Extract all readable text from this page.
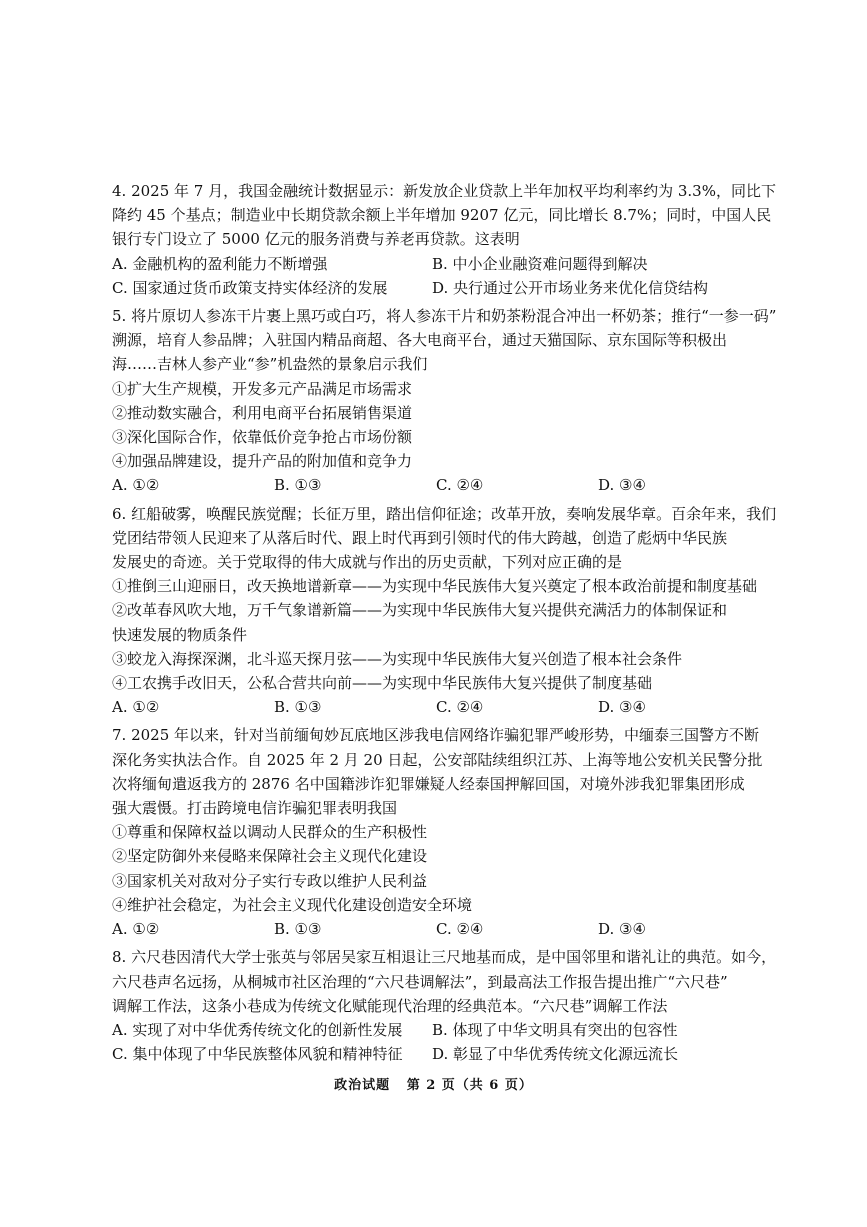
4. 2025 年 7 月，我国金融统计数据显示：新发放企业贷款上半年加权平均利率约为 3.3%，同比下
降约 45 个基点；制造业中长期贷款余额上半年增加 9207 亿元，同比增长 8.7%；同时，中国人民
银行专门设立了 5000 亿元的服务消费与养老再贷款。这表明
A. 金融机构的盈利能力不断增强	B. 中小企业融资难问题得到解决
C. 国家通过货币政策支持实体经济的发展	D. 央行通过公开市场业务来优化信贷结构
5. 将片原切人参冻干片裹上黑巧或白巧，将人参冻干片和奶茶粉混合冲出一杯奶茶；推行“一参一码”
溯源，培育人参品牌；入驻国内精品商超、各大电商平台，通过天猫国际、京东国际等积极出
海……吉林人参产业“参”机盎然的景象启示我们
①扩大生产规模，开发多元产品满足市场需求
②推动数实融合，利用电商平台拓展销售渠道
③深化国际合作，依靠低价竞争抢占市场份额
④加强品牌建设，提升产品的附加值和竞争力
A. ①②	B. ①③	C. ②④	D. ③④
6. 红船破雾，唤醒民族觉醒；长征万里，踏出信仰征途；改革开放，奏响发展华章。百余年来，我们
党团结带领人民迎来了从落后时代、跟上时代再到引领时代的伟大跨越，创造了彪炳中华民族
发展史的奇迹。关于党取得的伟大成就与作出的历史贡献，下列对应正确的是
①推倒三山迎丽日，改天换地谱新章——为实现中华民族伟大复兴奠定了根本政治前提和制度基础
②改革春风吹大地，万千气象谱新篇——为实现中华民族伟大复兴提供充满活力的体制保证和
快速发展的物质条件
③蛟龙入海探深渊，北斗巡天探月弦——为实现中华民族伟大复兴创造了根本社会条件
④工农携手改旧天，公私合营共向前——为实现中华民族伟大复兴提供了制度基础
A. ①②	B. ①③	C. ②④	D. ③④
7. 2025 年以来，针对当前缅甸妙瓦底地区涉我电信网络诈骗犯罪严峻形势，中缅泰三国警方不断
深化务实执法合作。自 2025 年 2 月 20 日起，公安部陆续组织江苏、上海等地公安机关民警分批
次将缅甸遣返我方的 2876 名中国籍涉诈犯罪嫌疑人经泰国押解回国，对境外涉我犯罪集团形成
强大震慑。打击跨境电信诈骗犯罪表明我国
①尊重和保障权益以调动人民群众的生产积极性
②坚定防御外来侵略来保障社会主义现代化建设
③国家机关对敌对分子实行专政以维护人民利益
④维护社会稳定，为社会主义现代化建设创造安全环境
A. ①②	B. ①③	C. ②④	D. ③④
8. 六尺巷因清代大学士张英与邻居吴家互相退让三尺地基而成，是中国邻里和谐礼让的典范。如今，
六尺巷声名远扬，从桐城市社区治理的“六尺巷调解法”，到最高法工作报告提出推广“六尺巷”
调解工作法，这条小巷成为传统文化赋能现代治理的经典范本。“六尺巷”调解工作法
A. 实现了对中华优秀传统文化的创新性发展	B. 体现了中华文明具有突出的包容性
C. 集中体现了中华民族整体风貌和精神特征	D. 彰显了中华优秀传统文化源远流长
政治试题 第 2 页（共 6 页）
